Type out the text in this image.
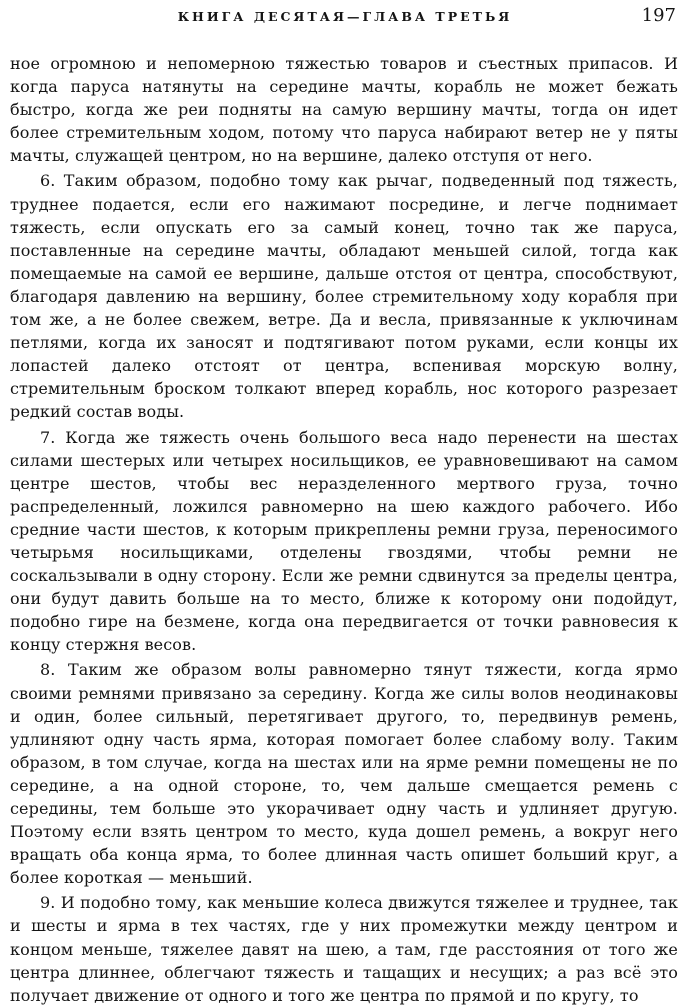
КНИГА ДЕСЯТАЯ—ГЛАВА ТРЕТЬЯ	197

ное огромною и непомерною тяжестью товаров и съестных припасов. И когда паруса натянуты на середине мачты, корабль не может бежать быстро, когда же реи подняты на самую вершину мачты, тогда он идет более стремительным ходом, потому что паруса набирают ветер не у пяты мачты, служащей центром, но на вершине, далеко отступя от него.

6. Таким образом, подобно тому как рычаг, подведенный под тяжесть, труднее подается, если его нажимают посредине, и легче поднимает тяжесть, если опускать его за самый конец, точно так же паруса, поставленные на середине мачты, обладают меньшей силой, тогда как помещаемые на самой ее вершине, дальше отстоя от центра, способствуют, благодаря давлению на вершину, более стремительному ходу корабля при том же, а не более свежем, ветре. Да и весла, привязанные к уключинам петлями, когда их заносят и подтягивают потом руками, если концы их лопастей далеко отстоят от центра, вспенивая морскую волну, стремительным броском толкают вперед корабль, нос которого разрезает редкий состав воды.

7. Когда же тяжесть очень большого веса надо перенести на шестах силами шестерых или четырех носильщиков, ее уравновешивают на самом центре шестов, чтобы вес неразделенного мертвого груза, точно распределенный, ложился равномерно на шею каждого рабочего. Ибо средние части шестов, к которым прикреплены ремни груза, переносимого четырьмя носильщиками, отделены гвоздями, чтобы ремни не соскальзывали в одну сторону. Если же ремни сдвинутся за пределы центра, они будут давить больше на то место, ближе к которому они подойдут, подобно гире на безмене, когда она передвигается от точки равновесия к концу стержня весов.

8. Таким же образом волы равномерно тянут тяжести, когда ярмо своими ремнями привязано за середину. Когда же силы волов неодинаковы и один, более сильный, перетягивает другого, то, передвинув ремень, удлиняют одну часть ярма, которая помогает более слабому волу. Таким образом, в том случае, когда на шестах или на ярме ремни помещены не по середине, а на одной стороне, то, чем дальше смещается ремень с середины, тем больше это укорачивает одну часть и удлиняет другую. Поэтому если взять центром то место, куда дошел ремень, а вокруг него вращать оба конца ярма, то более длинная часть опишет больший круг, а более короткая — меньший.

9. И подобно тому, как меньшие колеса движутся тяжелее и труднее, так и шесты и ярма в тех частях, где у них промежутки между центром и концом меньше, тяжелее давят на шею, а там, где расстояния от того же центра длиннее, облегчают тяжесть и тащащих и несущих; а раз всё это получает движение от одного и того же центра по прямой и по кругу, то
